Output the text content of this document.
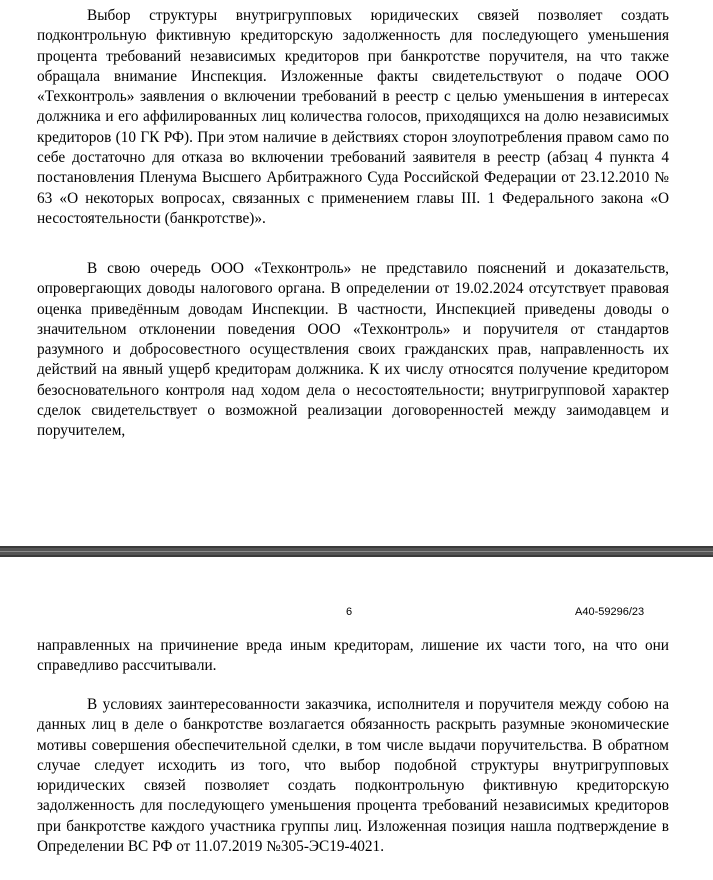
Выбор структуры внутригрупповых юридических связей позволяет создать подконтрольную фиктивную кредиторскую задолженность для последующего уменьшения процента требований независимых кредиторов при банкротстве поручителя, на что также обращала внимание Инспекция. Изложенные факты свидетельствуют о подаче ООО «Техконтроль» заявления о включении требований в реестр с целью уменьшения в интересах должника и его аффилированных лиц количества голосов, приходящихся на долю независимых кредиторов (10 ГК РФ). При этом наличие в действиях сторон злоупотребления правом само по себе достаточно для отказа во включении требований заявителя в реестр (абзац 4 пункта 4 постановления Пленума Высшего Арбитражного Суда Российской Федерации от 23.12.2010 № 63 «О некоторых вопросах, связанных с применением главы III. 1 Федерального закона «О несостоятельности (банкротстве)».

В свою очередь ООО «Техконтроль» не представило пояснений и доказательств, опровергающих доводы налогового органа. В определении от 19.02.2024 отсутствует правовая оценка приведённым доводам Инспекции. В частности, Инспекцией приведены доводы о значительном отклонении поведения ООО «Техконтроль» и поручителя от стандартов разумного и добросовестного осуществления своих гражданских прав, направленность их действий на явный ущерб кредиторам должника. К их числу относятся получение кредитором безосновательного контроля над ходом дела о несостоятельности; внутригрупповой характер сделок свидетельствует о возможной реализации договоренностей между заимодавцем и поручителем,

6	А40-59296/23

направленных на причинение вреда иным кредиторам, лишение их части того, на что они справедливо рассчитывали.

В условиях заинтересованности заказчика, исполнителя и поручителя между собою на данных лиц в деле о банкротстве возлагается обязанность раскрыть разумные экономические мотивы совершения обеспечительной сделки, в том числе выдачи поручительства. В обратном случае следует исходить из того, что выбор подобной структуры внутригрупповых юридических связей позволяет создать подконтрольную фиктивную кредиторскую задолженность для последующего уменьшения процента требований независимых кредиторов при банкротстве каждого участника группы лиц. Изложенная позиция нашла подтверждение в Определении ВС РФ от 11.07.2019 №305-ЭС19-4021.
